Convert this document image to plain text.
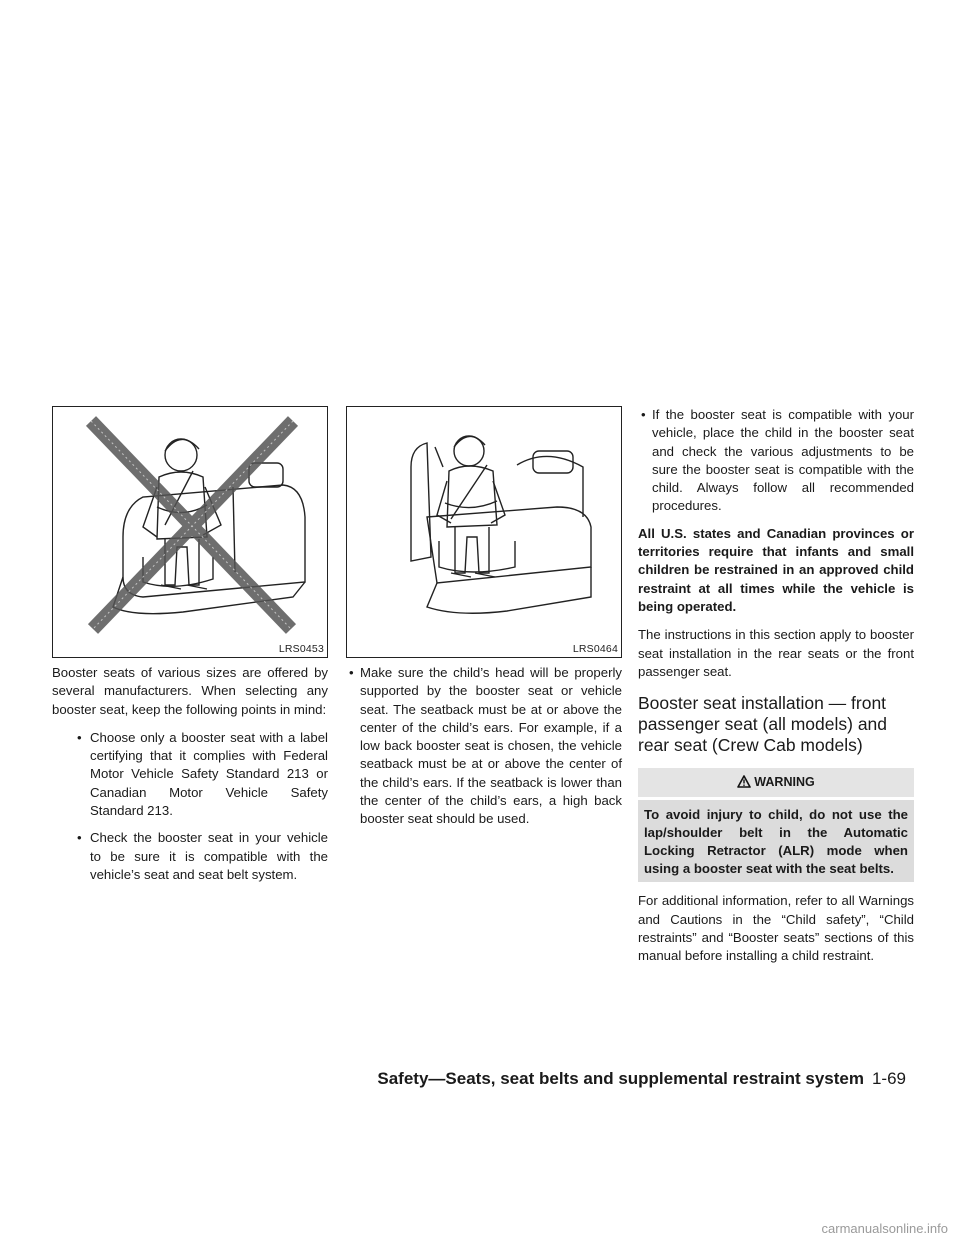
LRS0453	LRS0464

Booster seats of various sizes are offered by several manufacturers. When selecting any booster seat, keep the following points in mind:

• Choose only a booster seat with a label certifying that it complies with Federal Motor Vehicle Safety Standard 213 or Canadian Motor Vehicle Safety Standard 213.
• Check the booster seat in your vehicle to be sure it is compatible with the vehicle’s seat and seat belt system.
• Make sure the child’s head will be properly supported by the booster seat or vehicle seat. The seatback must be at or above the center of the child’s ears. For example, if a low back booster seat is chosen, the vehicle seatback must be at or above the center of the child’s ears. If the seatback is lower than the center of the child’s ears, a high back booster seat should be used.
• If the booster seat is compatible with your vehicle, place the child in the booster seat and check the various adjustments to be sure the booster seat is compatible with the child. Always follow all recommended procedures.

All U.S. states and Canadian provinces or territories require that infants and small children be restrained in an approved child restraint at all times while the vehicle is being operated.

The instructions in this section apply to booster seat installation in the rear seats or the front passenger seat.

Booster seat installation — front passenger seat (all models) and rear seat (Crew Cab models)
WARNING
To avoid injury to child, do not use the lap/shoulder belt in the Automatic Locking Retractor (ALR) mode when using a booster seat with the seat belts.

For additional information, refer to all Warnings and Cautions in the “Child safety”, “Child restraints” and “Booster seats” sections of this manual before installing a child restraint.

Safety—Seats, seat belts and supplemental restraint system 1-69
carmanualsonline.info
